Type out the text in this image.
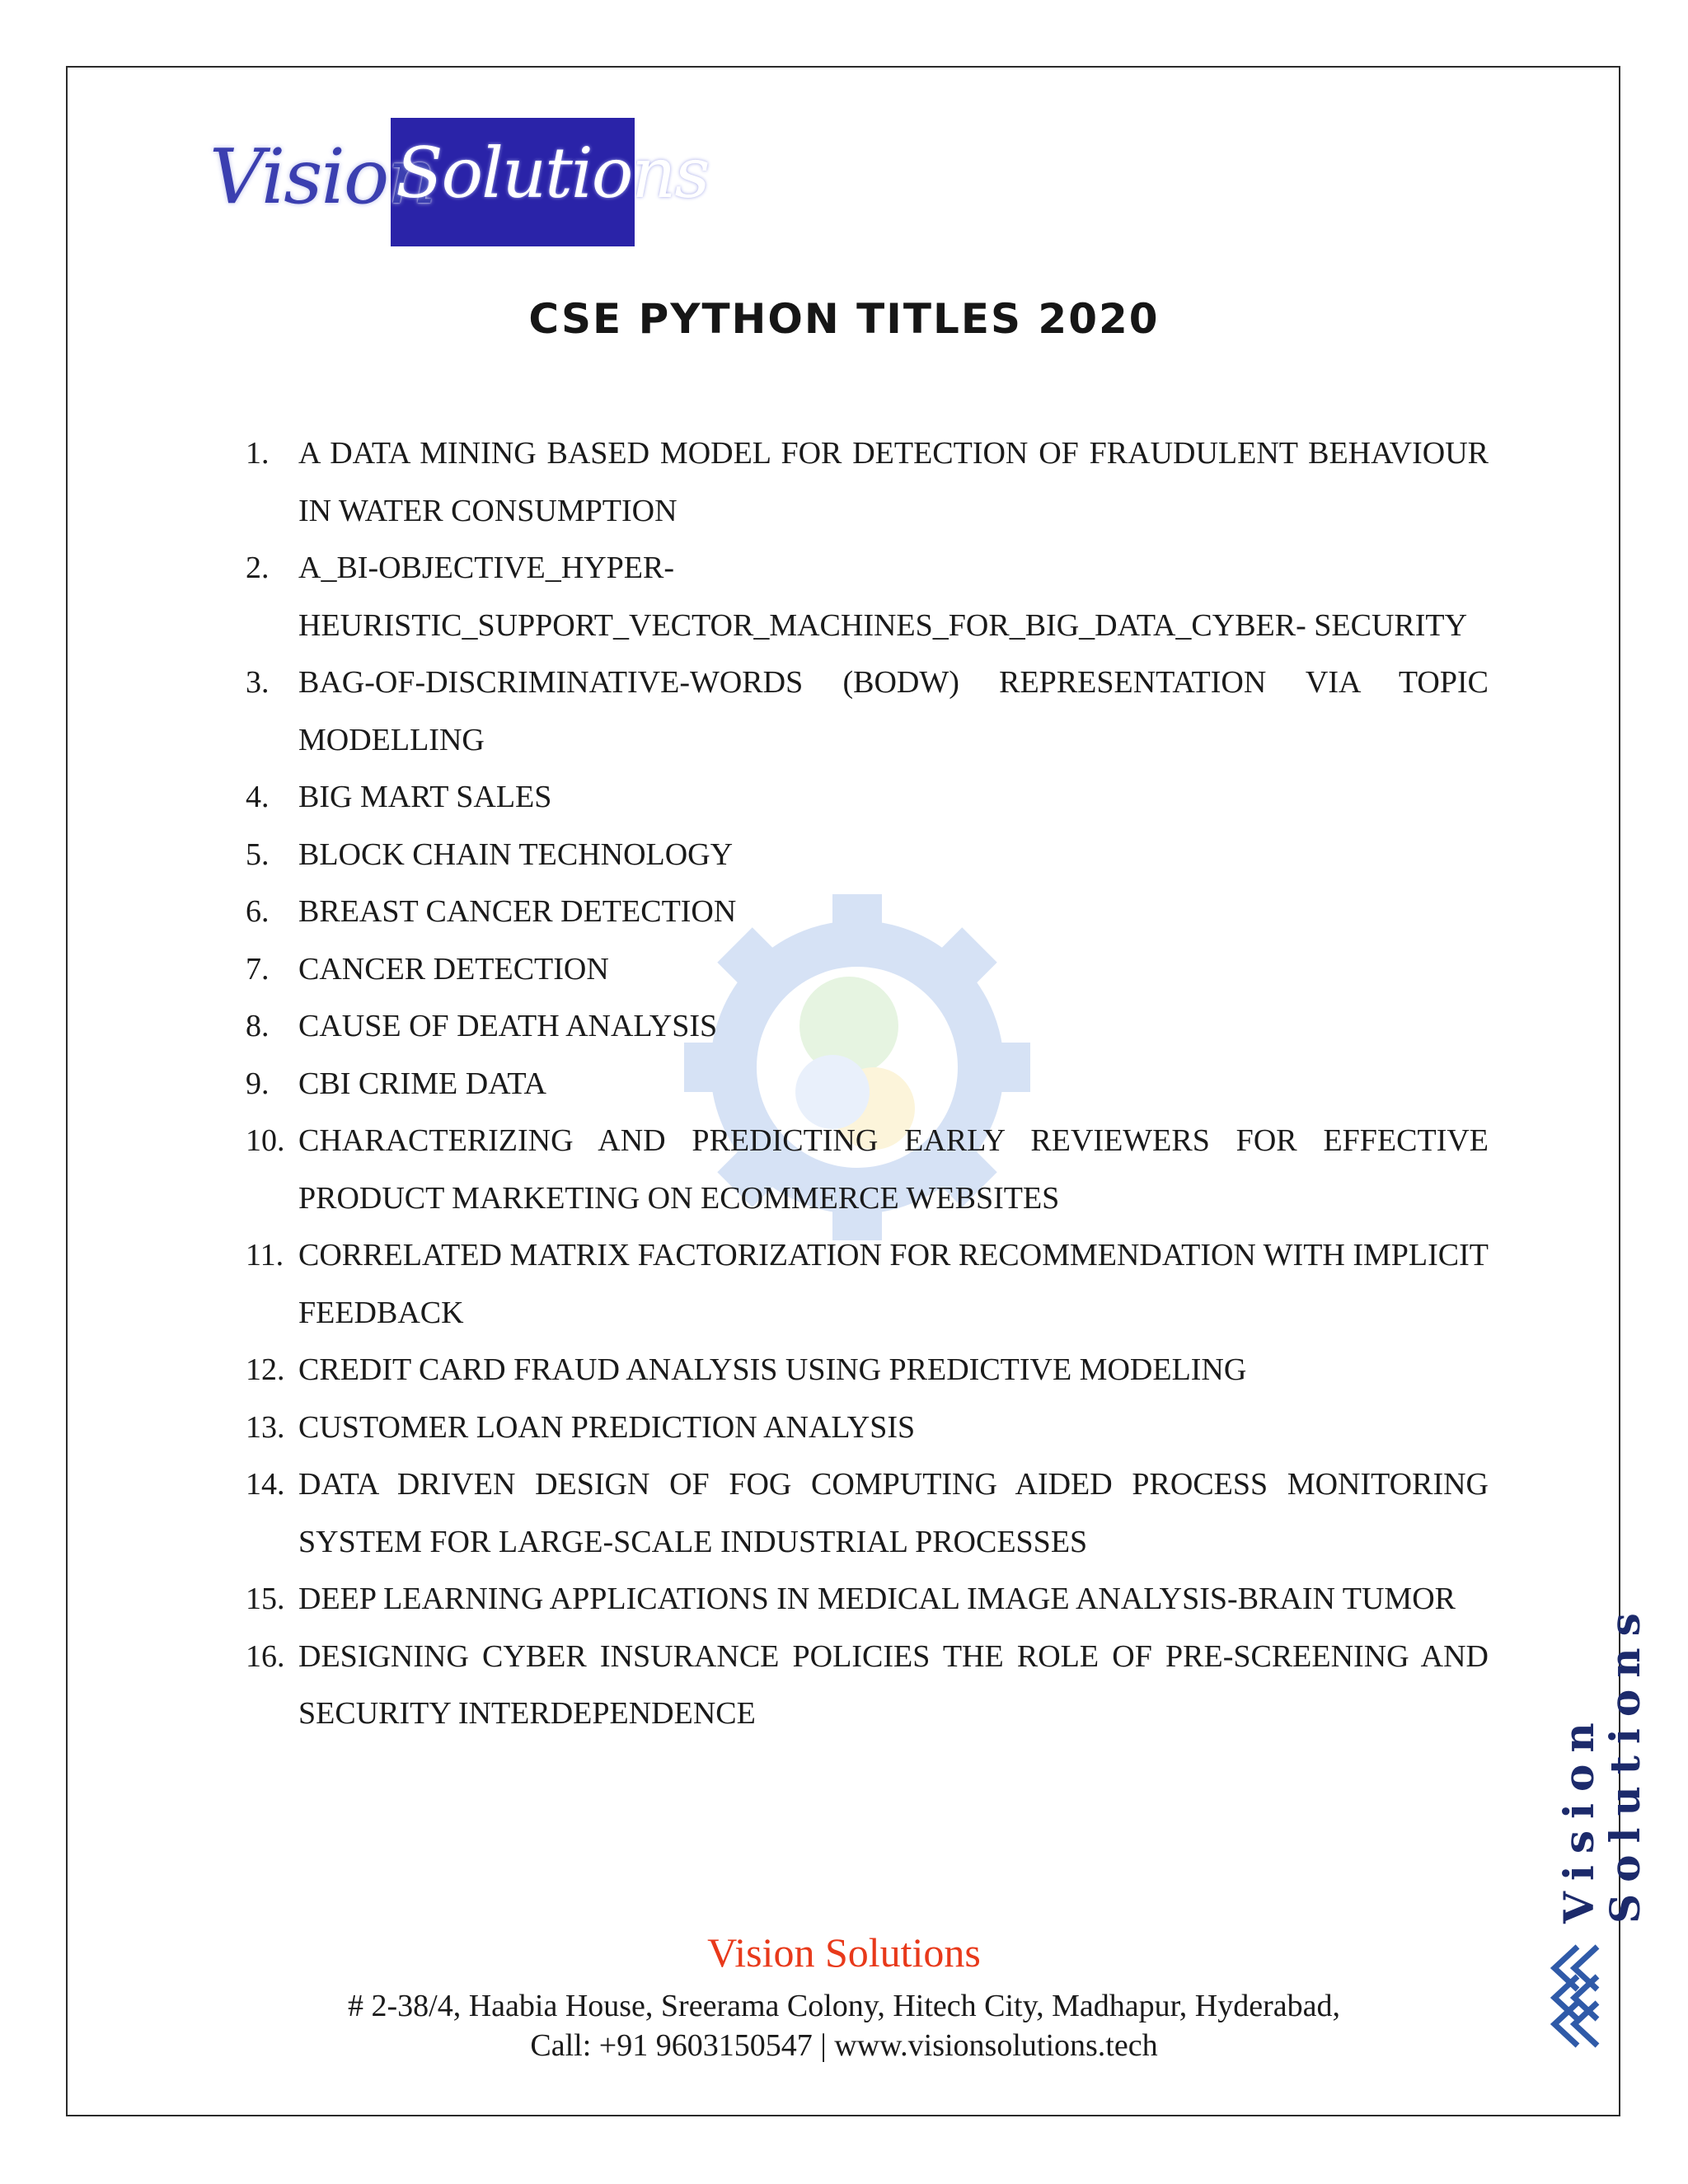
Vision
Solutions
CSE PYTHON TITLES 2020
1. A DATA MINING BASED MODEL FOR DETECTION OF FRAUDULENT BEHAVIOUR IN WATER CONSUMPTION
2. A_BI-OBJECTIVE_HYPER- HEURISTIC_SUPPORT_VECTOR_MACHINES_FOR_BIG_DATA_CYBER- SECURITY
3. BAG-OF-DISCRIMINATIVE-WORDS (BODW) REPRESENTATION VIA TOPIC MODELLING
4. BIG MART SALES
5. BLOCK CHAIN TECHNOLOGY
6. BREAST CANCER DETECTION
7. CANCER DETECTION
8. CAUSE OF DEATH ANALYSIS
9. CBI CRIME DATA
10. CHARACTERIZING AND PREDICTING EARLY REVIEWERS FOR EFFECTIVE PRODUCT MARKETING ON ECOMMERCE WEBSITES
11. CORRELATED MATRIX FACTORIZATION FOR RECOMMENDATION WITH IMPLICIT FEEDBACK
12. CREDIT CARD FRAUD ANALYSIS USING PREDICTIVE MODELING
13. CUSTOMER LOAN PREDICTION ANALYSIS
14. DATA DRIVEN DESIGN OF FOG COMPUTING AIDED PROCESS MONITORING SYSTEM FOR LARGE-SCALE INDUSTRIAL PROCESSES
15. DEEP LEARNING APPLICATIONS IN MEDICAL IMAGE ANALYSIS-BRAIN TUMOR
16. DESIGNING CYBER INSURANCE POLICIES THE ROLE OF PRE-SCREENING AND SECURITY INTERDEPENDENCE	Vision Solutions
Vision Solutions
# 2-38/4, Haabia House, Sreerama Colony, Hitech City, Madhapur, Hyderabad,
Call: +91 9603150547 | www.visionsolutions.tech
